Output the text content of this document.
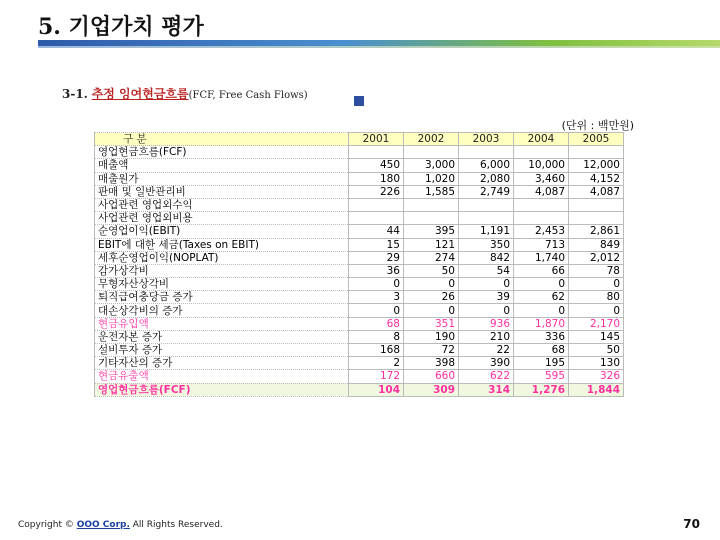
5. 기업가치 평가
3-1. 추정 잉여현금흐름(FCF, Free Cash Flows)
(단위 : 백만원)
구 분	2001	2002	2003	2004	2005
영업현금흐름(FCF)					
매출액	450	3,000	6,000	10,000	12,000
매출원가	180	1,020	2,080	3,460	4,152
판매 및 일반관리비	226	1,585	2,749	4,087	4,087
사업관련 영업외수익					
사업관련 영업외비용					
순영업이익(EBIT)	44	395	1,191	2,453	2,861
EBIT에 대한 세금(Taxes on EBIT)	15	121	350	713	849
세후순영업이익(NOPLAT)	29	274	842	1,740	2,012
감가상각비	36	50	54	66	78
무형자산상각비	0	0	0	0	0
퇴직급여충당금 증가	3	26	39	62	80
대손상각비의 증가	0	0	0	0	0
현금유입액	68	351	936	1,870	2,170
운전자본 증가	8	190	210	336	145
설비투자 증가	168	72	22	68	50
기타자산의 증가	2	398	390	195	130
현금유출액	172	660	622	595	326
영업현금흐름(FCF)	104	309	314	1,276	1,844
Copyright © OOO Corp. All Rights Reserved.	70
